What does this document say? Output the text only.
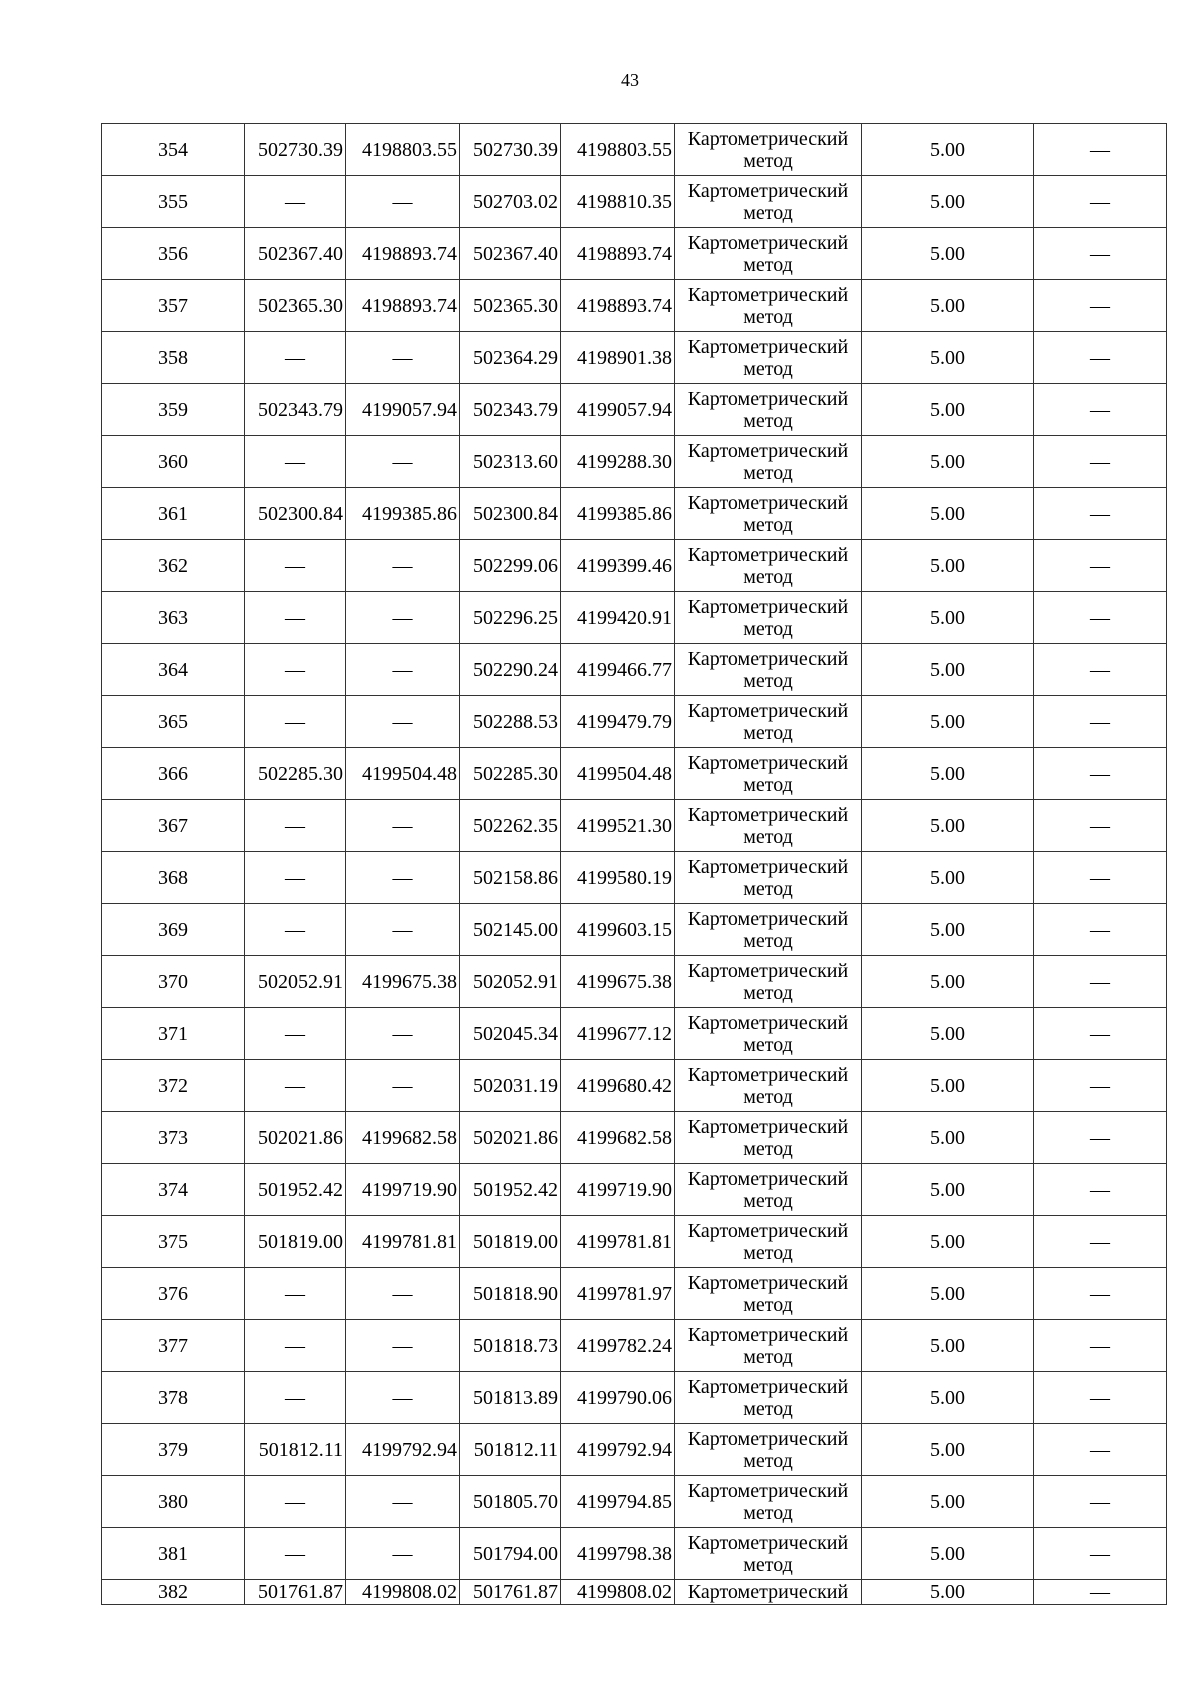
43
354	502730.39	4198803.55	502730.39	4198803.55	Картометрический
метод	5.00	—
355	—	—	502703.02	4198810.35	Картометрический
метод	5.00	—
356	502367.40	4198893.74	502367.40	4198893.74	Картометрический
метод	5.00	—
357	502365.30	4198893.74	502365.30	4198893.74	Картометрический
метод	5.00	—
358	—	—	502364.29	4198901.38	Картометрический
метод	5.00	—
359	502343.79	4199057.94	502343.79	4199057.94	Картометрический
метод	5.00	—
360	—	—	502313.60	4199288.30	Картометрический
метод	5.00	—
361	502300.84	4199385.86	502300.84	4199385.86	Картометрический
метод	5.00	—
362	—	—	502299.06	4199399.46	Картометрический
метод	5.00	—
363	—	—	502296.25	4199420.91	Картометрический
метод	5.00	—
364	—	—	502290.24	4199466.77	Картометрический
метод	5.00	—
365	—	—	502288.53	4199479.79	Картометрический
метод	5.00	—
366	502285.30	4199504.48	502285.30	4199504.48	Картометрический
метод	5.00	—
367	—	—	502262.35	4199521.30	Картометрический
метод	5.00	—
368	—	—	502158.86	4199580.19	Картометрический
метод	5.00	—
369	—	—	502145.00	4199603.15	Картометрический
метод	5.00	—
370	502052.91	4199675.38	502052.91	4199675.38	Картометрический
метод	5.00	—
371	—	—	502045.34	4199677.12	Картометрический
метод	5.00	—
372	—	—	502031.19	4199680.42	Картометрический
метод	5.00	—
373	502021.86	4199682.58	502021.86	4199682.58	Картометрический
метод	5.00	—
374	501952.42	4199719.90	501952.42	4199719.90	Картометрический
метод	5.00	—
375	501819.00	4199781.81	501819.00	4199781.81	Картометрический
метод	5.00	—
376	—	—	501818.90	4199781.97	Картометрический
метод	5.00	—
377	—	—	501818.73	4199782.24	Картометрический
метод	5.00	—
378	—	—	501813.89	4199790.06	Картометрический
метод	5.00	—
379	501812.11	4199792.94	501812.11	4199792.94	Картометрический
метод	5.00	—
380	—	—	501805.70	4199794.85	Картометрический
метод	5.00	—
381	—	—	501794.00	4199798.38	Картометрический
метод	5.00	—
382	501761.87	4199808.02	501761.87	4199808.02	Картометрический	5.00	—
